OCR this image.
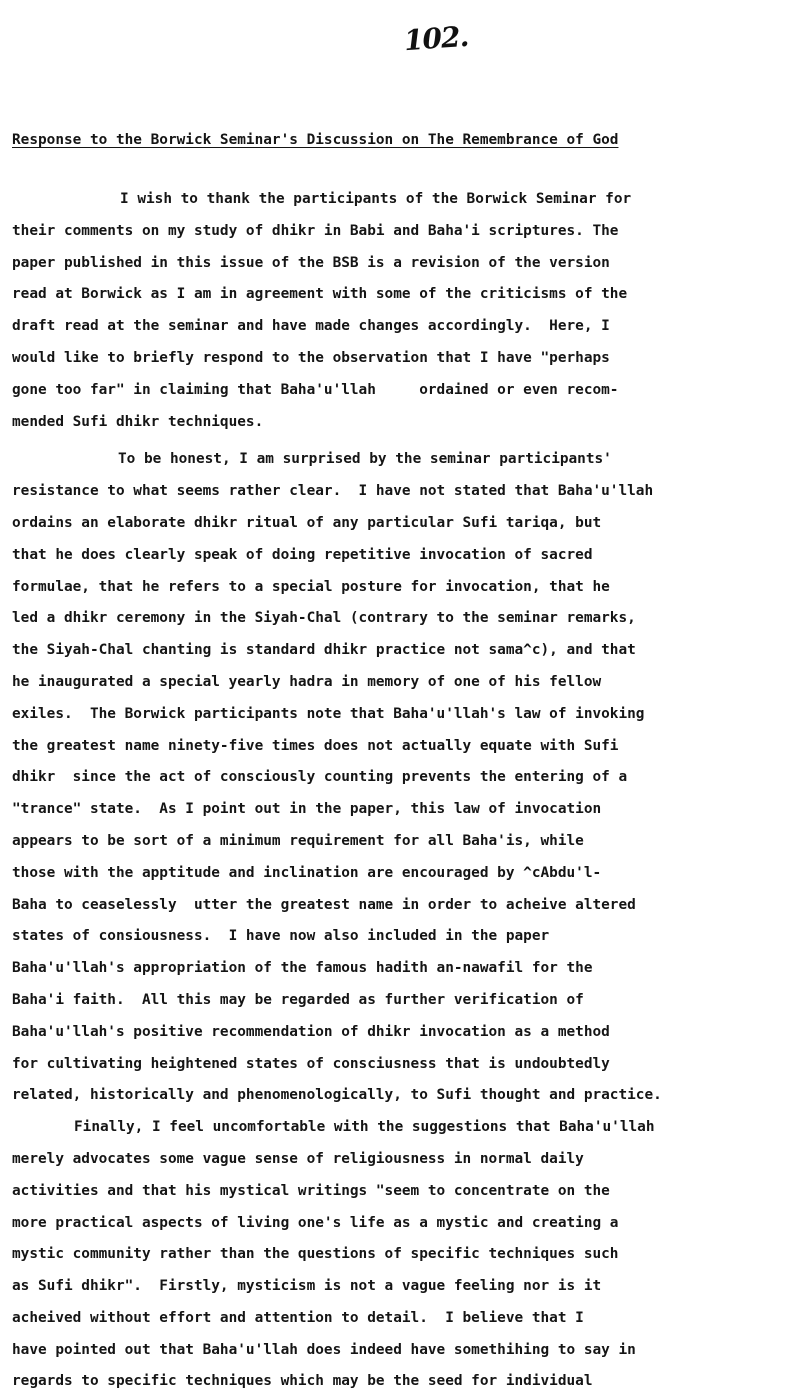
102.
Response to the Borwick Seminar's Discussion on The Remembrance of God
I wish to thank the participants of the Borwick Seminar for
their comments on my study of dhikr in Babi and Baha'i scriptures. The
paper published in this issue of the BSB is a revision of the version
read at Borwick as I am in agreement with some of the criticisms of the
draft read at the seminar and have made changes accordingly.  Here, I
would like to briefly respond to the observation that I have "perhaps
gone too far" in claiming that Baha'u'llah     ordained or even recom-
mended Sufi dhikr techniques.
To be honest, I am surprised by the seminar participants'
resistance to what seems rather clear.  I have not stated that Baha'u'llah
ordains an elaborate dhikr ritual of any particular Sufi tariqa, but
that he does clearly speak of doing repetitive invocation of sacred
formulae, that he refers to a special posture for invocation, that he
led a dhikr ceremony in the Siyah-Chal (contrary to the seminar remarks,
the Siyah-Chal chanting is standard dhikr practice not sama^c), and that
he inaugurated a special yearly hadra in memory of one of his fellow
exiles.  The Borwick participants note that Baha'u'llah's law of invoking
the greatest name ninety-five times does not actually equate with Sufi
dhikr  since the act of consciously counting prevents the entering of a
"trance" state.  As I point out in the paper, this law of invocation
appears to be sort of a minimum requirement for all Baha'is, while
those with the apptitude and inclination are encouraged by ^cAbdu'l-
Baha to ceaselessly  utter the greatest name in order to acheive altered
states of consiousness.  I have now also included in the paper
Baha'u'llah's appropriation of the famous hadith an-nawafil for the
Baha'i faith.  All this may be regarded as further verification of
Baha'u'llah's positive recommendation of dhikr invocation as a method
for cultivating heightened states of consciusness that is undoubtedly
related, historically and phenomenologically, to Sufi thought and practice.
Finally, I feel uncomfortable with the suggestions that Baha'u'llah
merely advocates some vague sense of religiousness in normal daily
activities and that his mystical writings "seem to concentrate on the
more practical aspects of living one's life as a mystic and creating a
mystic community rather than the questions of specific techniques such
as Sufi dhikr".  Firstly, mysticism is not a vague feeling nor is it
acheived without effort and attention to detail.  I believe that I
have pointed out that Baha'u'llah does indeed have somethihing to say in
regards to specific techniques which may be the seed for individual
